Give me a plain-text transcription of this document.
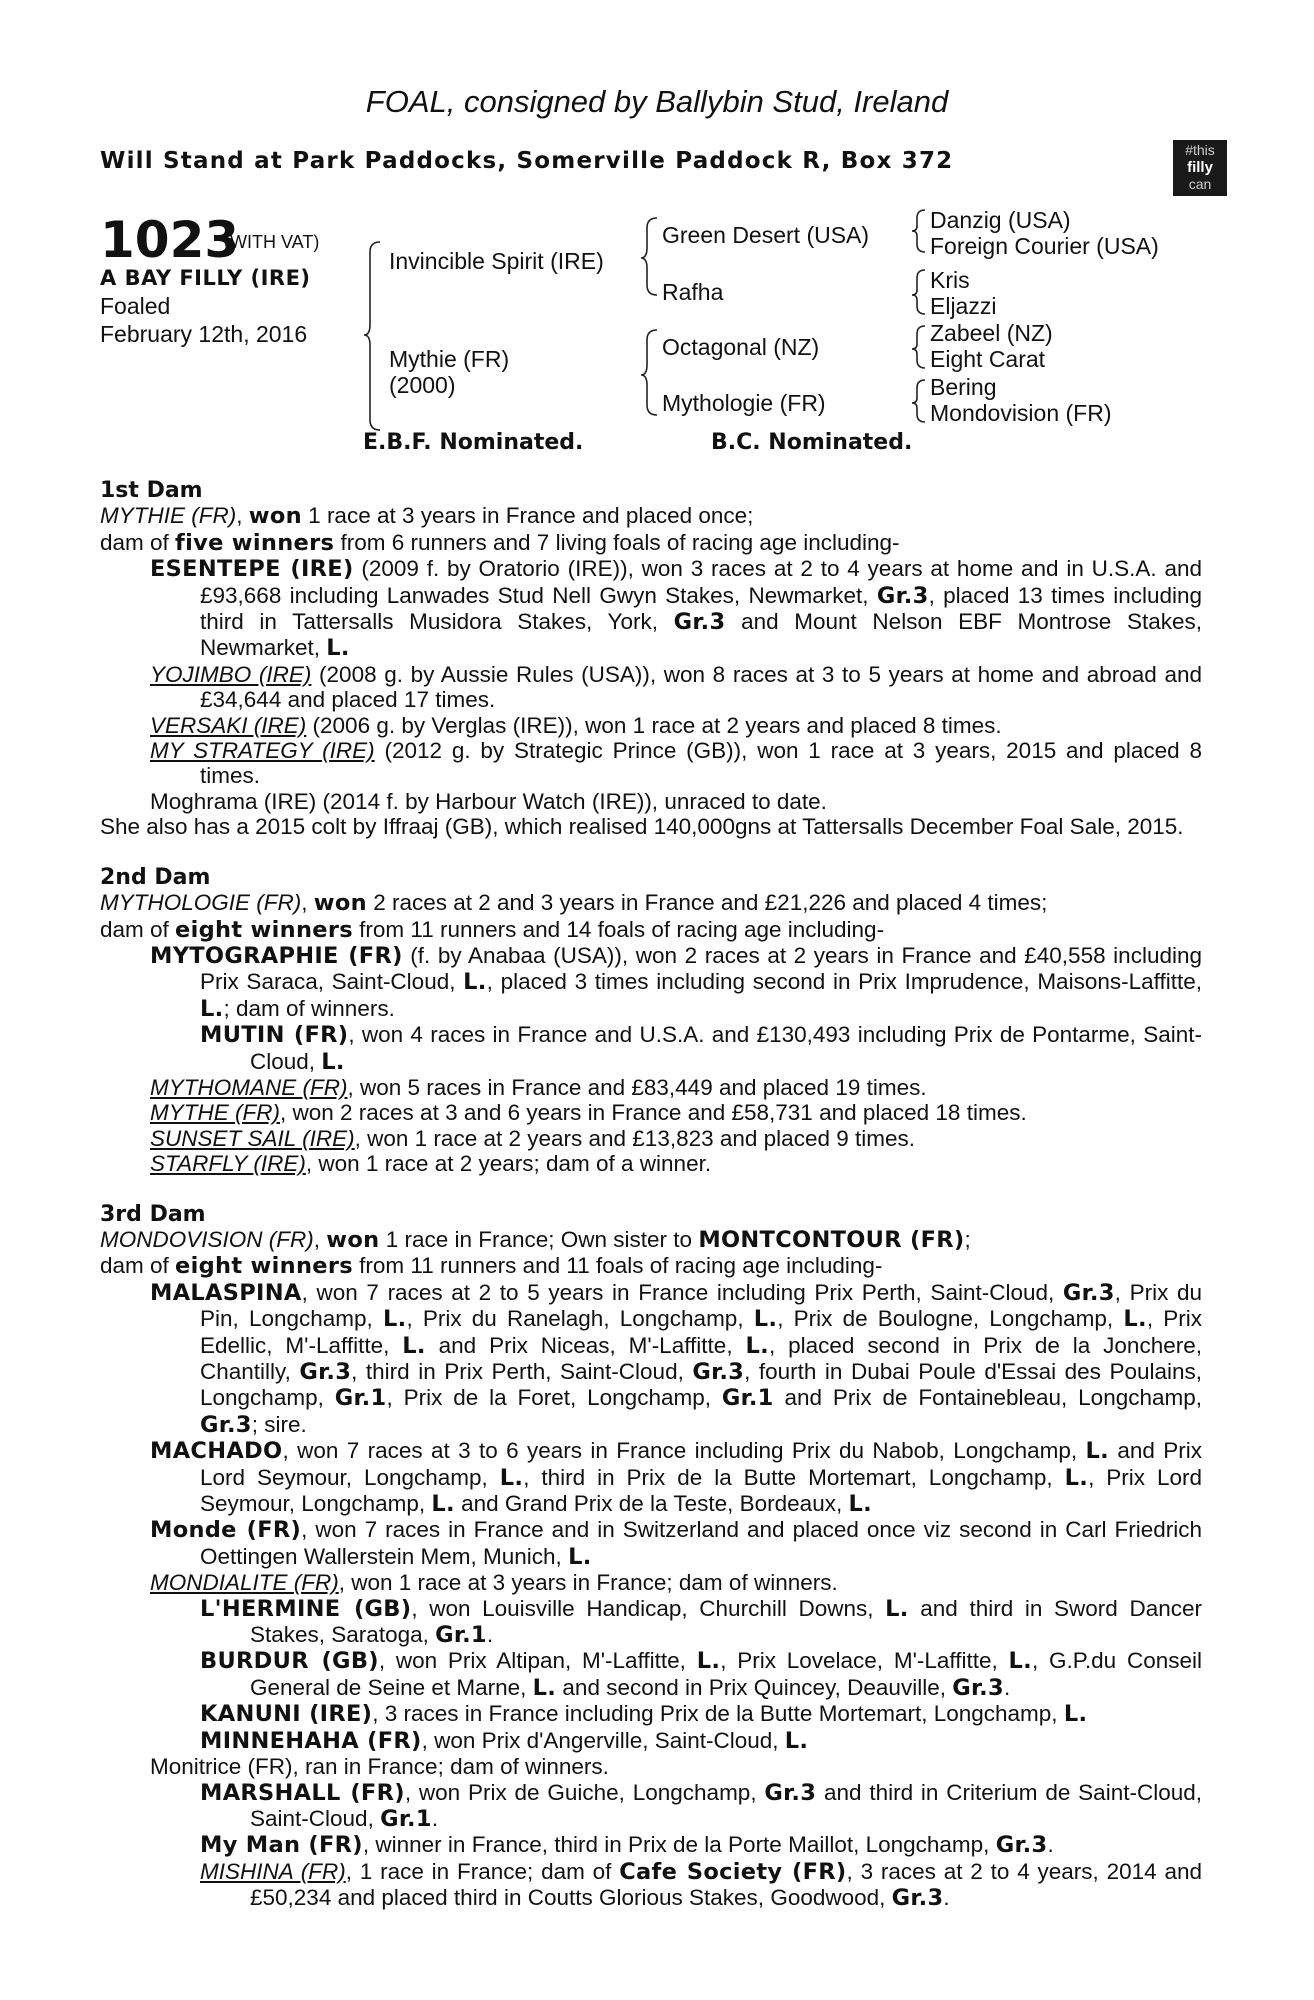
FOAL, consigned by Ballybin Stud, Ireland
Will Stand at Park Paddocks, Somerville Paddock R, Box 372	#this
filly
can
1023
(WITH VAT)
A BAY FILLY (IRE)
Foaled
February 12th, 2016
Invincible Spirit (IRE)
Mythie (FR)
(2000)
Green Desert (USA)
Rafha
Octagonal (NZ)
Mythologie (FR)
Danzig (USA)
Foreign Courier (USA)
Kris
Eljazzi
Zabeel (NZ)
Eight Carat
Bering
Mondovision (FR)
E.B.F. Nominated.	B.C. Nominated.

1st Dam

MYTHIE (FR), won 1 race at 3 years in France and placed once;

dam of five winners from 6 runners and 7 living foals of racing age including-

ESENTEPE (IRE) (2009 f. by Oratorio (IRE)), won 3 races at 2 to 4 years at home and in U.S.A. and £93,668 including Lanwades Stud Nell Gwyn Stakes, Newmarket, Gr.3, placed 13 times including third in Tattersalls Musidora Stakes, York, Gr.3 and Mount Nelson EBF Montrose Stakes, Newmarket, L.

YOJIMBO (IRE) (2008 g. by Aussie Rules (USA)), won 8 races at 3 to 5 years at home and abroad and £34,644 and placed 17 times.

VERSAKI (IRE) (2006 g. by Verglas (IRE)), won 1 race at 2 years and placed 8 times.

MY STRATEGY (IRE) (2012 g. by Strategic Prince (GB)), won 1 race at 3 years, 2015 and placed 8 times.

Moghrama (IRE) (2014 f. by Harbour Watch (IRE)), unraced to date.

She also has a 2015 colt by Iffraaj (GB), which realised 140,000gns at Tattersalls December Foal Sale, 2015.

2nd Dam

MYTHOLOGIE (FR), won 2 races at 2 and 3 years in France and £21,226 and placed 4 times;

dam of eight winners from 11 runners and 14 foals of racing age including-

MYTOGRAPHIE (FR) (f. by Anabaa (USA)), won 2 races at 2 years in France and £40,558 including Prix Saraca, Saint-Cloud, L., placed 3 times including second in Prix Imprudence, Maisons-Laffitte, L.; dam of winners.

MUTIN (FR), won 4 races in France and U.S.A. and £130,493 including Prix de Pontarme, Saint-Cloud, L.

MYTHOMANE (FR), won 5 races in France and £83,449 and placed 19 times.

MYTHE (FR), won 2 races at 3 and 6 years in France and £58,731 and placed 18 times.

SUNSET SAIL (IRE), won 1 race at 2 years and £13,823 and placed 9 times.

STARFLY (IRE), won 1 race at 2 years; dam of a winner.

3rd Dam

MONDOVISION (FR), won 1 race in France; Own sister to MONTCONTOUR (FR);

dam of eight winners from 11 runners and 11 foals of racing age including-

MALASPINA, won 7 races at 2 to 5 years in France including Prix Perth, Saint-Cloud, Gr.3, Prix du Pin, Longchamp, L., Prix du Ranelagh, Longchamp, L., Prix de Boulogne, Longchamp, L., Prix Edellic, M'-Laffitte, L. and Prix Niceas, M'-Laffitte, L., placed second in Prix de la Jonchere, Chantilly, Gr.3, third in Prix Perth, Saint-Cloud, Gr.3, fourth in Dubai Poule d'Essai des Poulains, Longchamp, Gr.1, Prix de la Foret, Longchamp, Gr.1 and Prix de Fontainebleau, Longchamp, Gr.3; sire.

MACHADO, won 7 races at 3 to 6 years in France including Prix du Nabob, Longchamp, L. and Prix Lord Seymour, Longchamp, L., third in Prix de la Butte Mortemart, Longchamp, L., Prix Lord Seymour, Longchamp, L. and Grand Prix de la Teste, Bordeaux, L.

Monde (FR), won 7 races in France and in Switzerland and placed once viz second in Carl Friedrich Oettingen Wallerstein Mem, Munich, L.

MONDIALITE (FR), won 1 race at 3 years in France; dam of winners.

L'HERMINE (GB), won Louisville Handicap, Churchill Downs, L. and third in Sword Dancer Stakes, Saratoga, Gr.1.

BURDUR (GB), won Prix Altipan, M'-Laffitte, L., Prix Lovelace, M'-Laffitte, L., G.P.du Conseil General de Seine et Marne, L. and second in Prix Quincey, Deauville, Gr.3.

KANUNI (IRE), 3 races in France including Prix de la Butte Mortemart, Longchamp, L.

MINNEHAHA (FR), won Prix d'Angerville, Saint-Cloud, L.

Monitrice (FR), ran in France; dam of winners.

MARSHALL (FR), won Prix de Guiche, Longchamp, Gr.3 and third in Criterium de Saint-Cloud, Saint-Cloud, Gr.1.

My Man (FR), winner in France, third in Prix de la Porte Maillot, Longchamp, Gr.3.

MISHINA (FR), 1 race in France; dam of Cafe Society (FR), 3 races at 2 to 4 years, 2014 and £50,234 and placed third in Coutts Glorious Stakes, Goodwood, Gr.3.
